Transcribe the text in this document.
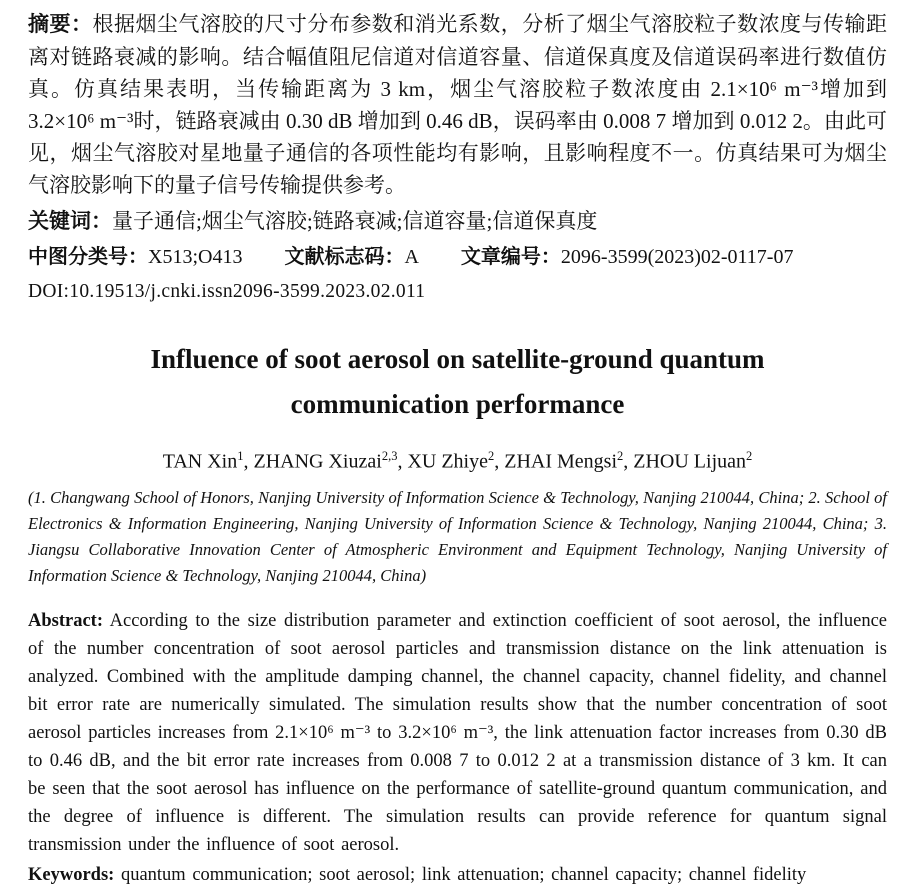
摘要：根据烟尘气溶胶的尺寸分布参数和消光系数，分析了烟尘气溶胶粒子数浓度与传输距离对链路衰减的影响。结合幅值阻尼信道对信道容量、信道保真度及信道误码率进行数值仿真。仿真结果表明，当传输距离为 3 km，烟尘气溶胶粒子数浓度由 2.1×10⁶ m⁻³增加到 3.2×10⁶ m⁻³时，链路衰减由 0.30 dB 增加到 0.46 dB，误码率由 0.008 7 增加到 0.012 2。由此可见，烟尘气溶胶对星地量子通信的各项性能均有影响，且影响程度不一。仿真结果可为烟尘气溶胶影响下的量子信号传输提供参考。

关键词：量子通信;烟尘气溶胶;链路衰减;信道容量;信道保真度

中图分类号：X513;O413 文献标志码：A 文章编号：2096-3599(2023)02-0117-07

DOI:10.19513/j.cnki.issn2096-3599.2023.02.011

Influence of soot aerosol on satellite-ground quantum
communication performance

TAN Xin$^1$, ZHANG Xiuzai$^{2,3}$, XU Zhiye$^2$, ZHAI Mengsi$^2$, ZHOU Lijuan$^2$

(1. Changwang School of Honors, Nanjing University of Information Science & Technology, Nanjing 210044, China; 2. School of Electronics & Information Engineering, Nanjing University of Information Science & Technology, Nanjing 210044, China; 3. Jiangsu Collaborative Innovation Center of Atmospheric Environment and Equipment Technology, Nanjing University of Information Science & Technology, Nanjing 210044, China)

Abstract: According to the size distribution parameter and extinction coefficient of soot aerosol, the influence of the number concentration of soot aerosol particles and transmission distance on the link attenuation is analyzed. Combined with the amplitude damping channel, the channel capacity, channel fidelity, and channel bit error rate are numerically simulated. The simulation results show that the number concentration of soot aerosol particles increases from 2.1×10⁶ m⁻³ to 3.2×10⁶ m⁻³, the link attenuation factor increases from 0.30 dB to 0.46 dB, and the bit error rate increases from 0.008 7 to 0.012 2 at a transmission distance of 3 km. It can be seen that the soot aerosol has influence on the performance of satellite-ground quantum communication, and the degree of influence is different. The simulation results can provide reference for quantum signal transmission under the influence of soot aerosol.

Keywords: quantum communication; soot aerosol; link attenuation; channel capacity; channel fidelity
